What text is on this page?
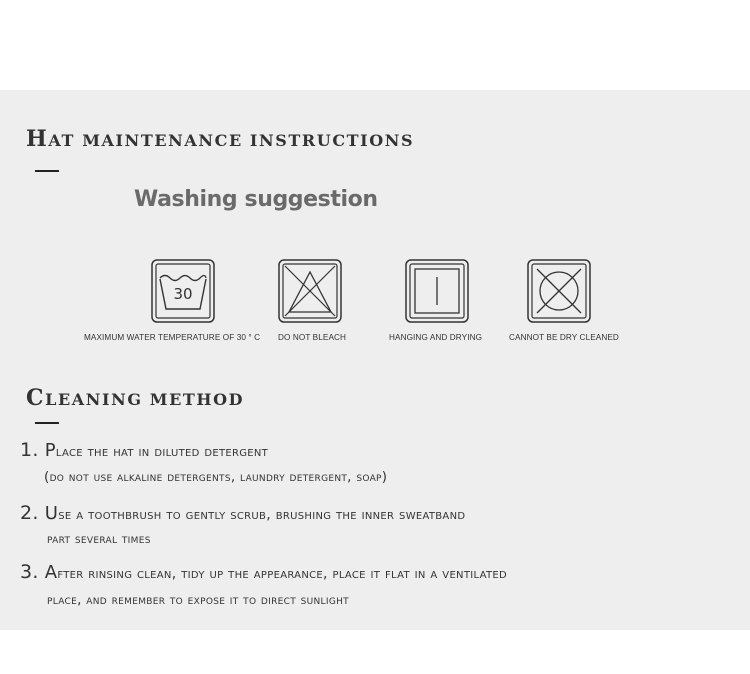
HAT MAINTENANCE INSTRUCTIONS
Washing suggestion
30

MAXIMUM WATER TEMPERATURE OF 30 ° C DO NOT BLEACH	HANGING AND DRYING	CANNOT BE DRY CLEANED

CLEANING METHOD

1. Place the hat in diluted detergent

(do not use alkaline detergents, laundry detergent, soap)

2. Use a toothbrush to gently scrub, brushing the inner sweatband

part several times

3. After rinsing clean, tidy up the appearance, place it flat in a ventilated

place, and remember to expose it to direct sunlight
